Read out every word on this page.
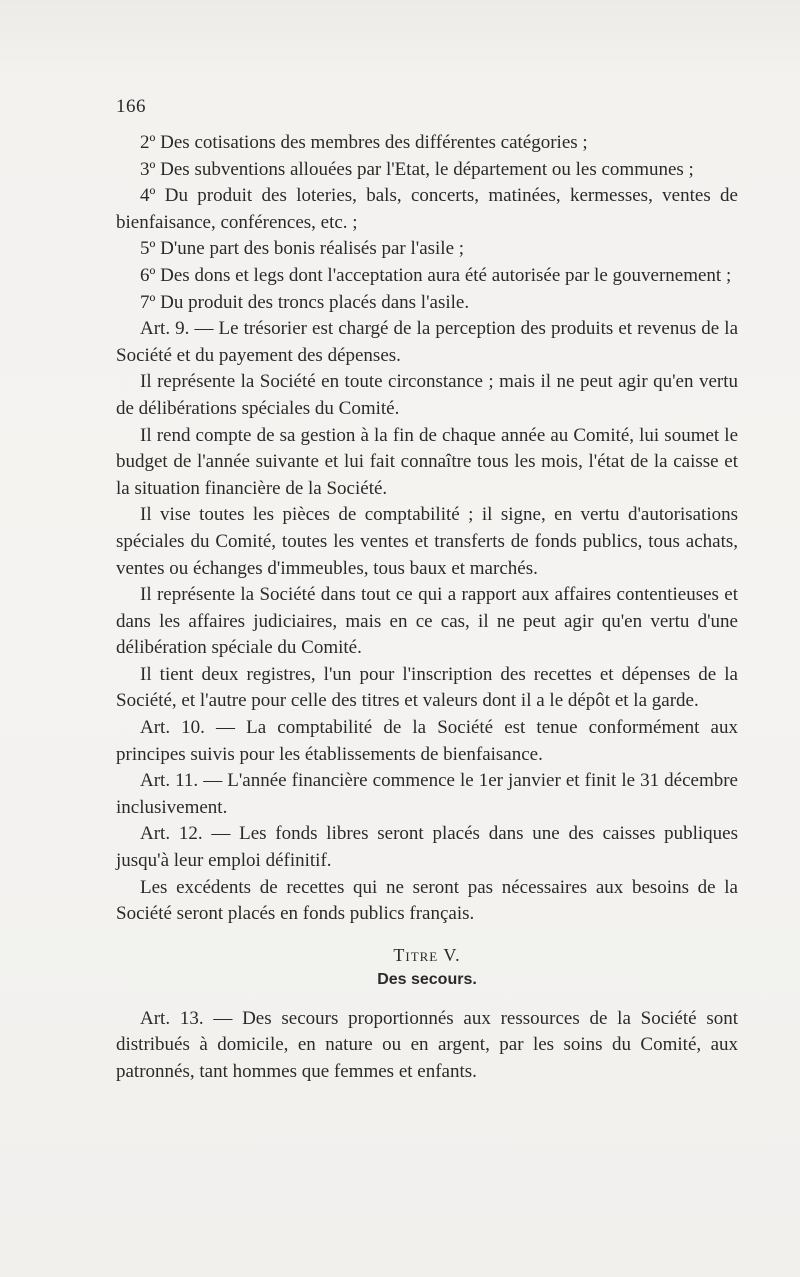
166

2º Des cotisations des membres des différentes catégories ;

3º Des subventions allouées par l'Etat, le département ou les communes ;

4º Du produit des loteries, bals, concerts, matinées, kermesses, ventes de bienfaisance, conférences, etc. ;

5º D'une part des bonis réalisés par l'asile ;

6º Des dons et legs dont l'acceptation aura été autorisée par le gouvernement ;

7º Du produit des troncs placés dans l'asile.

Art. 9. — Le trésorier est chargé de la perception des produits et revenus de la Société et du payement des dépenses.

Il représente la Société en toute circonstance ; mais il ne peut agir qu'en vertu de délibérations spéciales du Comité.

Il rend compte de sa gestion à la fin de chaque année au Comité, lui soumet le budget de l'année suivante et lui fait connaître tous les mois, l'état de la caisse et la situation financière de la Société.

Il vise toutes les pièces de comptabilité ; il signe, en vertu d'autorisations spéciales du Comité, toutes les ventes et transferts de fonds publics, tous achats, ventes ou échanges d'immeubles, tous baux et marchés.

Il représente la Société dans tout ce qui a rapport aux affaires contentieuses et dans les affaires judiciaires, mais en ce cas, il ne peut agir qu'en vertu d'une délibération spéciale du Comité.

Il tient deux registres, l'un pour l'inscription des recettes et dépenses de la Société, et l'autre pour celle des titres et valeurs dont il a le dépôt et la garde.

Art. 10. — La comptabilité de la Société est tenue conformément aux principes suivis pour les établissements de bienfaisance.

Art. 11. — L'année financière commence le 1er janvier et finit le 31 décembre inclusivement.

Art. 12. — Les fonds libres seront placés dans une des caisses publiques jusqu'à leur emploi définitif.

Les excédents de recettes qui ne seront pas nécessaires aux besoins de la Société seront placés en fonds publics français.

Titre V.
Des secours.

Art. 13. — Des secours proportionnés aux ressources de la Société sont distribués à domicile, en nature ou en argent, par les soins du Comité, aux patronnés, tant hommes que femmes et enfants.
